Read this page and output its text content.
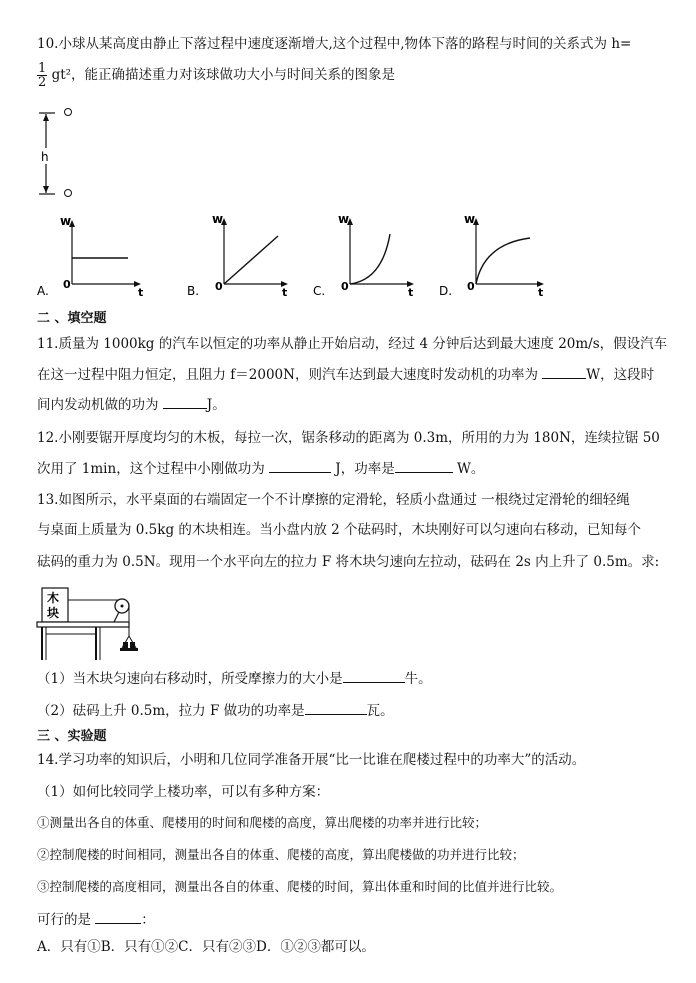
10.小球从某高度由静止下落过程中速度逐渐增大,这个过程中,物体下落的路程与时间的关系式为 h=
$\frac{1}{2} gt^2$，能正确描述重力对该球做功大小与时间关系的图象是
h
w
0
t
A.
w
0	t
B.
w
0	t
C.
w
0	t
D.
二 、填空题
11.质量为 1000kg 的汽车以恒定的功率从静止开始启动，经过 4 分钟后达到最大速度 20m/s，假设汽车
在这一过程中阻力恒定，且阻力 f＝2000N，则汽车达到最大速度时发动机的功率为	W，这段时
间内发动机做的功为	J。
12.小刚要锯开厚度均匀的木板，每拉一次，锯条移动的距离为 0.3m，所用的力为 180N，连续拉锯 50
次用了 1min，这个过程中小刚做功为	J，功率是	W。
13.如图所示，水平桌面的右端固定一个不计摩擦的定滑轮，轻质小盘通过 一根绕过定滑轮的细轻绳
与桌面上质量为 0.5kg 的木块相连。当小盘内放 2 个砝码时，木块刚好可以匀速向右移动，已知每个
砝码的重力为 0.5N。现用一个水平向左的拉力 F 将木块匀速向左拉动，砝码在 2s 内上升了 0.5m。求:
木
块
（1）当木块匀速向右移动时，所受摩擦力的大小是	牛。
（2）砝码上升 0.5m，拉力 F 做功的功率是	瓦。
三 、实验题
14.学习功率的知识后，小明和几位同学准备开展“比一比谁在爬楼过程中的功率大”的活动。
（1）如何比较同学上楼功率，可以有多种方案：
①测量出各自的体重、爬楼用的时间和爬楼的高度，算出爬楼的功率并进行比较；
②控制爬楼的时间相同，测量出各自的体重、爬楼的高度，算出爬楼做的功并进行比较；
③控制爬楼的高度相同，测量出各自的体重、爬楼的时间，算出体重和时间的比值并进行比较。
可行的是	：
A．只有①B．只有①②C．只有②③D．①②③都可以。
